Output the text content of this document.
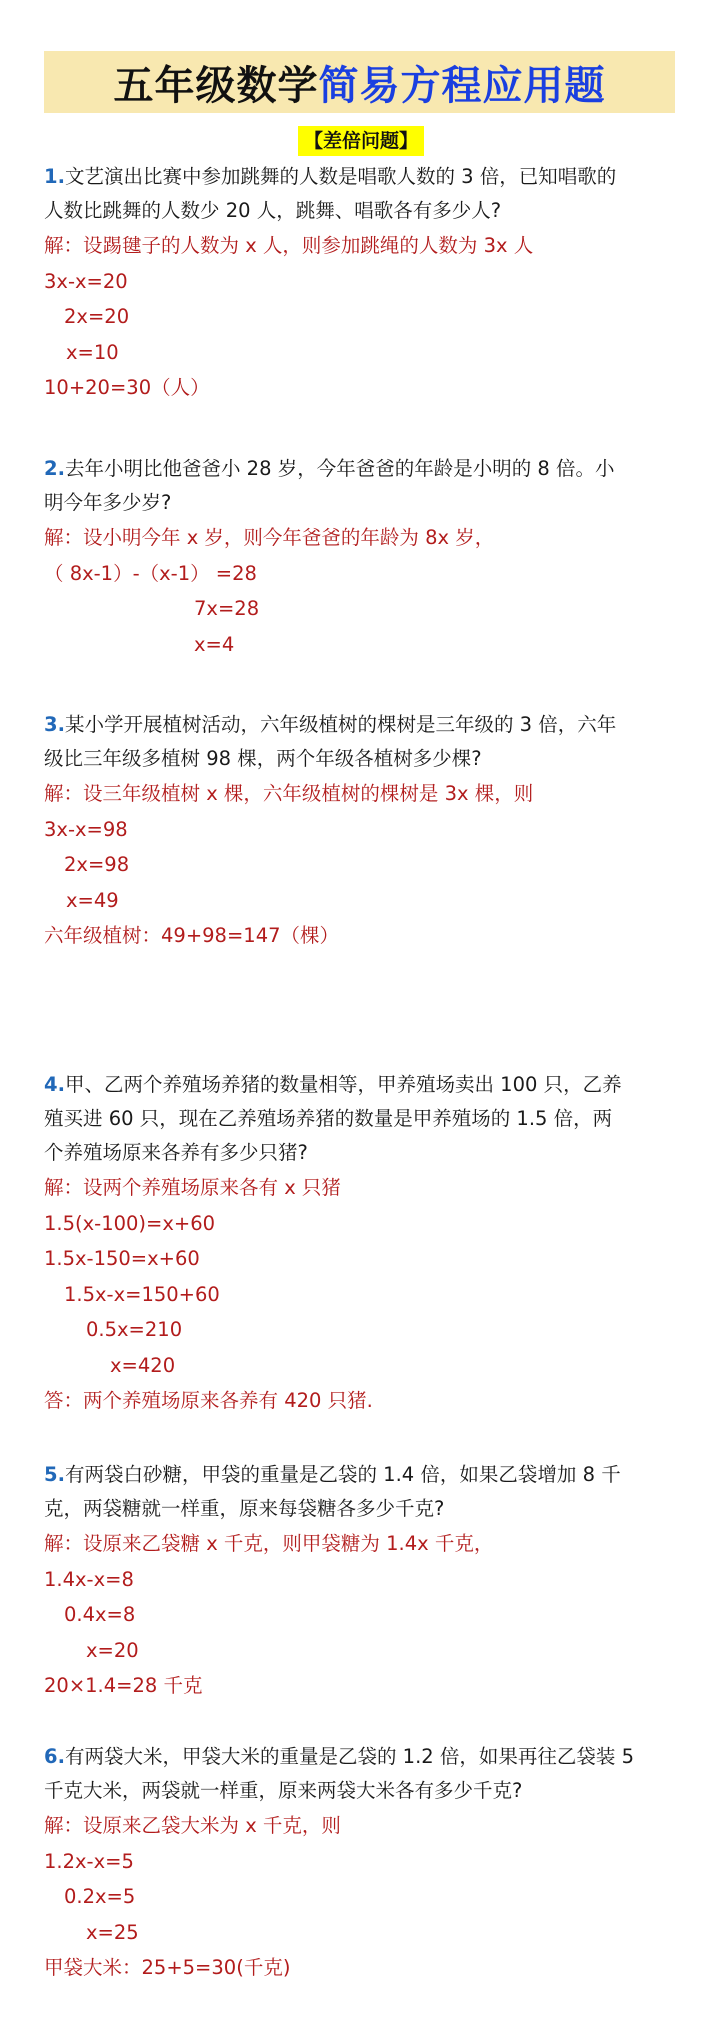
五年级数学 简易方程应用题
【差倍问题】

1.文艺演出比赛中参加跳舞的人数是唱歌人数的 3 倍，已知唱歌的

人数比跳舞的人数少 20 人，跳舞、唱歌各有多少人?

解：设踢毽子的人数为 x 人，则参加跳绳的人数为 3x 人

3x-x=20

2x=20

x=10

10+20=30（人）

2.去年小明比他爸爸小 28 岁，今年爸爸的年龄是小明的 8 倍。小

明今年多少岁?

解：设小明今年 x 岁，则今年爸爸的年龄为 8x 岁，

（ 8x-1）-（x-1） =28

7x=28

x=4

3.某小学开展植树活动，六年级植树的棵树是三年级的 3 倍，六年

级比三年级多植树 98 棵，两个年级各植树多少棵?

解：设三年级植树 x 棵，六年级植树的棵树是 3x 棵，则

3x-x=98

2x=98

x=49

六年级植树：49+98=147（棵）

4.甲、乙两个养殖场养猪的数量相等，甲养殖场卖出 100 只，乙养

殖买进 60 只，现在乙养殖场养猪的数量是甲养殖场的 1.5 倍，两

个养殖场原来各养有多少只猪?

解：设两个养殖场原来各有 x 只猪

1.5(x-100)=x+60

1.5x-150=x+60

1.5x-x=150+60

0.5x=210

x=420

答：两个养殖场原来各养有 420 只猪.

5.有两袋白砂糖，甲袋的重量是乙袋的 1.4 倍，如果乙袋增加 8 千

克，两袋糖就一样重，原来每袋糖各多少千克?

解：设原来乙袋糖 x 千克，则甲袋糖为 1.4x 千克，

1.4x-x=8

0.4x=8

x=20

20×1.4=28 千克

6.有两袋大米，甲袋大米的重量是乙袋的 1.2 倍，如果再往乙袋装 5

千克大米，两袋就一样重，原来两袋大米各有多少千克?

解：设原来乙袋大米为 x 千克，则

1.2x-x=5

0.2x=5

x=25

甲袋大米：25+5=30(千克)
